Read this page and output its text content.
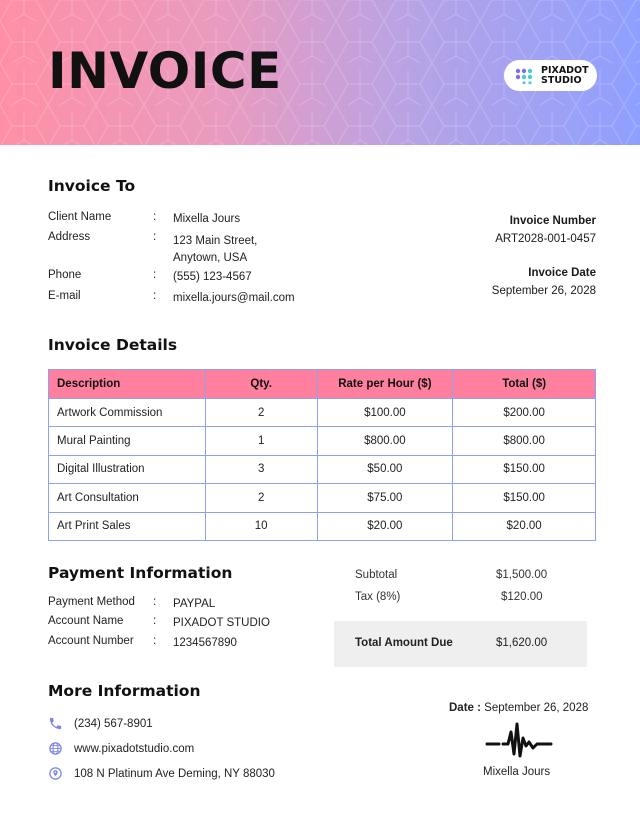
INVOICE	PIXADOT
STUDIO
Invoice To
Client Name	: Mixella Jours
Address	: 123 Main Street,
Anytown, USA
Phone	: (555) 123-4567
E-mail	: mixella.jours@mail.com
Invoice Number
ART2028-001-0457
Invoice Date
September 26, 2028
Invoice Details
Description	Qty.	Rate per Hour ($)	Total ($)
Artwork Commission	2	$100.00	$200.00
Mural Painting	1	$800.00	$800.00
Digital Illustration	3	$50.00	$150.00
Art Consultation	2	$75.00	$150.00
Art Print Sales	10	$20.00	$20.00
Payment Information
Payment Method : PAYPAL
Account Name	: PIXADOT STUDIO
Account Number : 1234567890
Subtotal	$1,500.00
Tax (8%)	$120.00
Total Amount Due	$1,620.00
More Information
(234) 567-8901
www.pixadotstudio.com
108 N Platinum Ave Deming, NY 88030
Date : September 26, 2028
Mixella Jours
